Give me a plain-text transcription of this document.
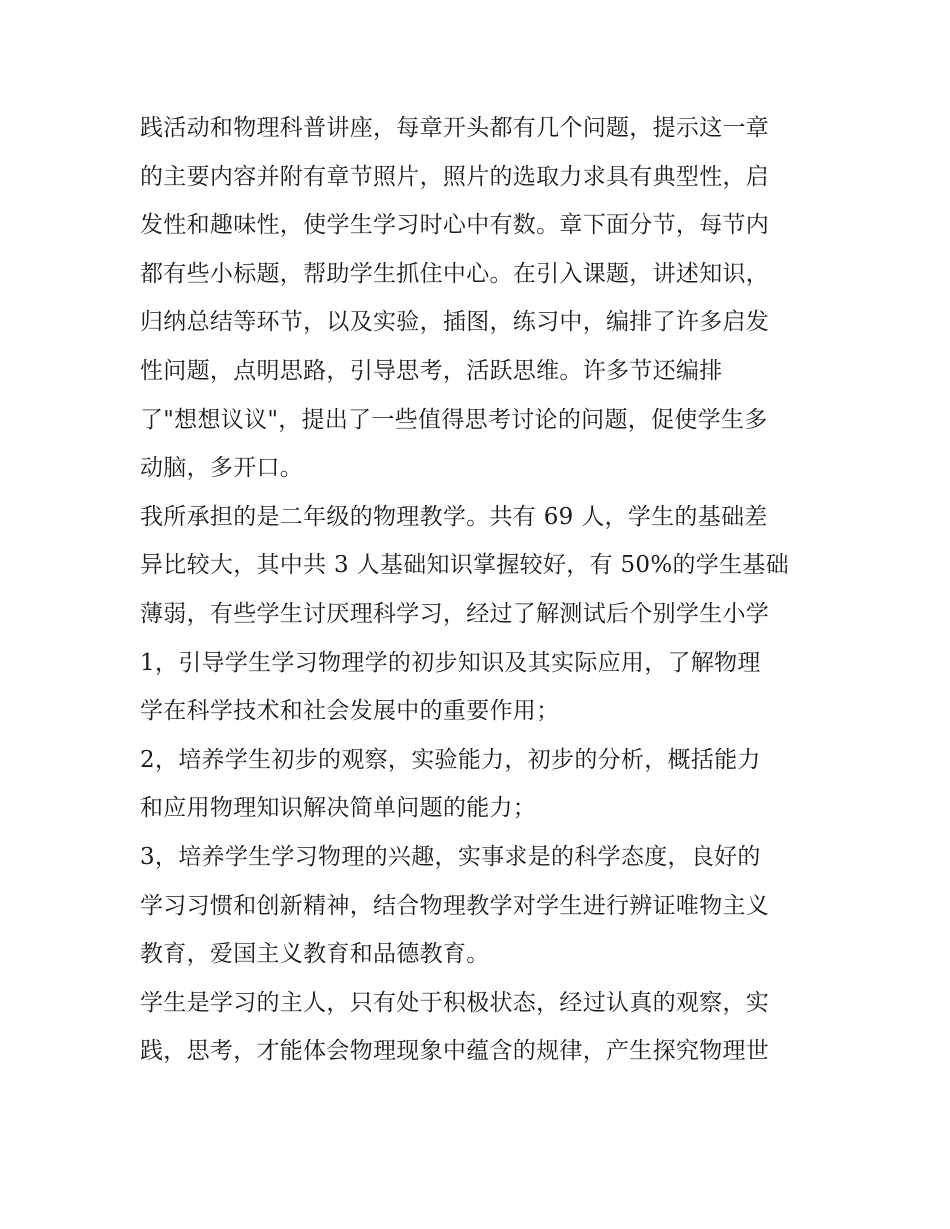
践活动和物理科普讲座，每章开头都有几个问题，提示这一章
的主要内容并附有章节照片，照片的选取力求具有典型性，启
发性和趣味性，使学生学习时心中有数。章下面分节，每节内
都有些小标题，帮助学生抓住中心。在引入课题，讲述知识，
归纳总结等环节，以及实验，插图，练习中，编排了许多启发
性问题，点明思路，引导思考，活跃思维。许多节还编排
了"想想议议"，提出了一些值得思考讨论的问题，促使学生多
动脑，多开口。
我所承担的是二年级的物理教学。共有 69 人，学生的基础差
异比较大，其中共 3 人基础知识掌握较好，有 50%的学生基础
薄弱，有些学生讨厌理科学习，经过了解测试后个别学生小学
1，引导学生学习物理学的初步知识及其实际应用，了解物理
学在科学技术和社会发展中的重要作用；
2，培养学生初步的观察，实验能力，初步的分析，概括能力
和应用物理知识解决简单问题的能力；
3，培养学生学习物理的兴趣，实事求是的科学态度，良好的
学习习惯和创新精神，结合物理教学对学生进行辨证唯物主义
教育，爱国主义教育和品德教育。
学生是学习的主人，只有处于积极状态，经过认真的观察，实
践，思考，才能体会物理现象中蕴含的规律，产生探究物理世
